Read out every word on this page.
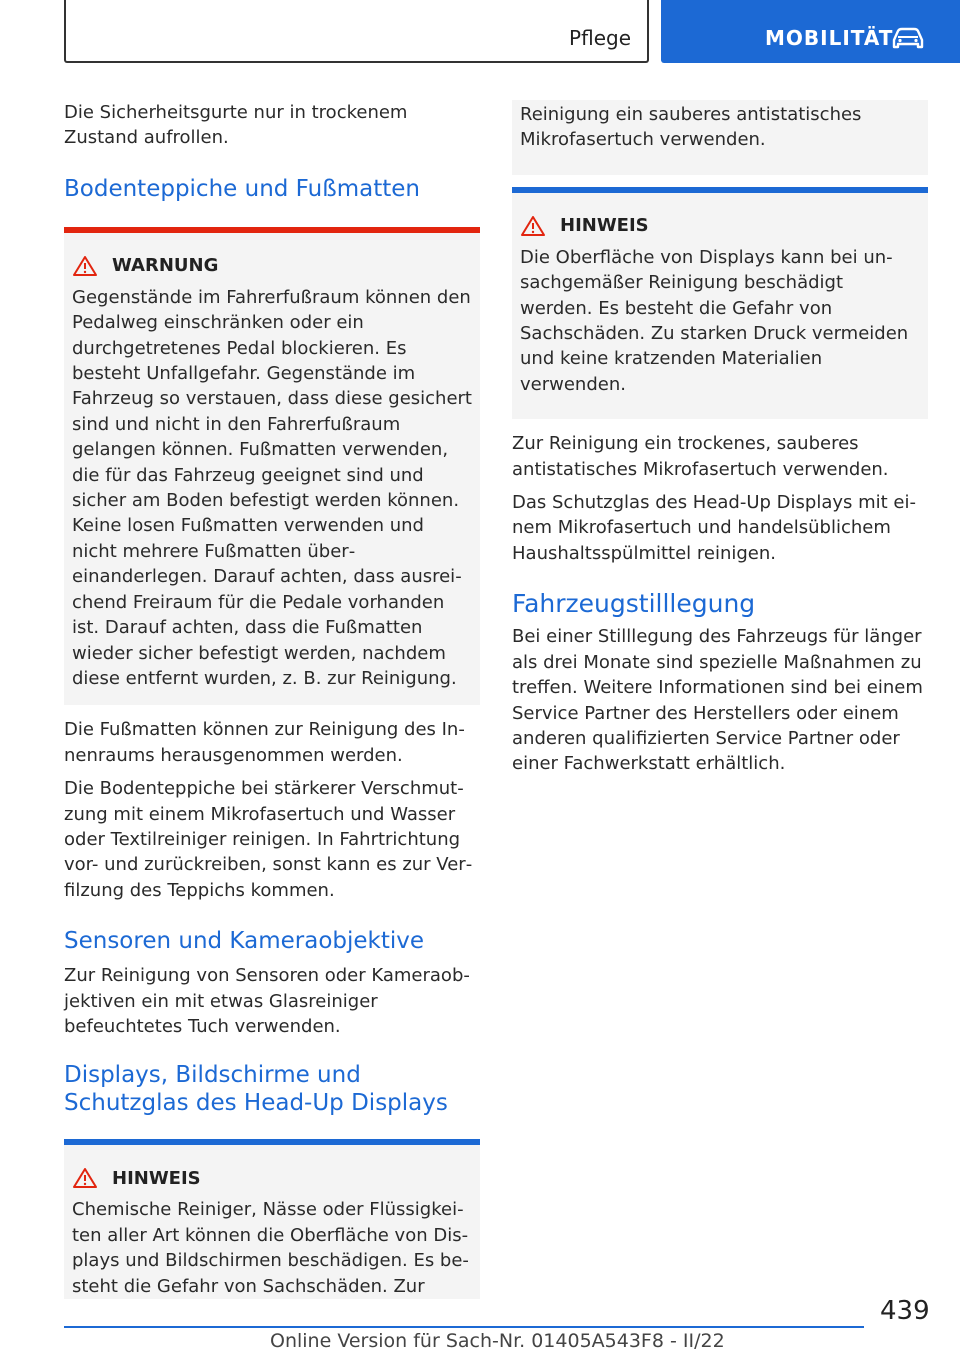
Pflege	MOBILITÄT

Die Sicherheitsgurte nur in trockenem Zustand aufrollen.

Bodenteppiche und Fußmatten
WARNUNG

Gegenstände im Fahrerfußraum können den Pedalweg einschränken oder ein durchgetretenes Pedal blockieren. Es besteht Unfallgefahr. Gegenstände im Fahrzeug so verstauen, dass diese gesichert sind und nicht in den Fahrerfußraum gelangen können. Fußmatten verwenden, die für das Fahrzeug geeignet sind und sicher am Boden befestigt werden können. Keine losen Fußmatten verwenden und nicht mehrere Fußmatten übereinanderlegen. Darauf achten, dass ausreichend Freiraum für die Pedale vorhanden ist. Darauf achten, dass die Fußmatten wieder sicher befestigt werden, nachdem diese entfernt wurden, z. B. zur Reinigung.

Die Fußmatten können zur Reinigung des Innenraums herausgenommen werden.

Die Bodenteppiche bei stärkerer Verschmutzung mit einem Mikrofasertuch und Wasser oder Textilreiniger reinigen. In Fahrtrichtung vor- und zurückreiben, sonst kann es zur Verfilzung des Teppichs kommen.

Sensoren und Kameraobjektive

Zur Reinigung von Sensoren oder Kameraobjektiven ein mit etwas Glasreiniger befeuchtetes Tuch verwenden.

Displays, Bildschirme und Schutzglas des Head-Up Displays
HINWEIS

Chemische Reiniger, Nässe oder Flüssigkeiten aller Art können die Oberfläche von Displays und Bildschirmen beschädigen. Es besteht die Gefahr von Sachschäden. Zur

Reinigung ein sauberes antistatisches Mikrofasertuch verwenden.

HINWEIS

Die Oberfläche von Displays kann bei unsachgemäßer Reinigung beschädigt werden. Es besteht die Gefahr von Sachschäden. Zu starken Druck vermeiden und keine kratzenden Materialien verwenden.

Zur Reinigung ein trockenes, sauberes antistatisches Mikrofasertuch verwenden.

Das Schutzglas des Head-Up Displays mit einem Mikrofasertuch und handelsüblichem Haushaltsspülmittel reinigen.

Fahrzeugstilllegung

Bei einer Stilllegung des Fahrzeugs für länger als drei Monate sind spezielle Maßnahmen zu treffen. Weitere Informationen sind bei einem Service Partner des Herstellers oder einem anderen qualifizierten Service Partner oder einer Fachwerkstatt erhältlich.

439
Online Version für Sach-Nr. 01405A543F8 - II/22
